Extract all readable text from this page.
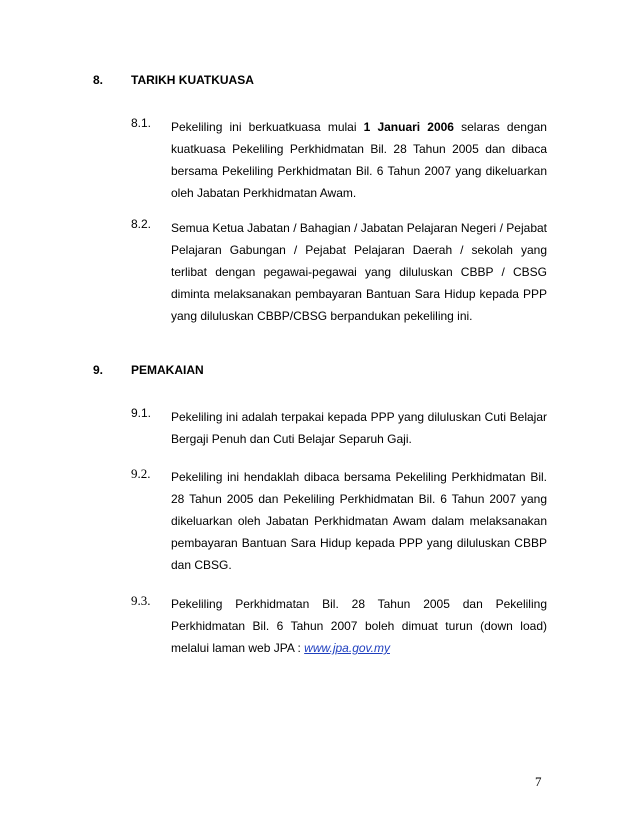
8. TARIKH KUATKUASA
8.1. Pekeliling ini berkuatkuasa mulai 1 Januari 2006 selaras dengan kuatkuasa Pekeliling Perkhidmatan Bil. 28 Tahun 2005 dan dibaca bersama Pekeliling Perkhidmatan Bil. 6 Tahun 2007 yang dikeluarkan oleh Jabatan Perkhidmatan Awam.
8.2. Semua Ketua Jabatan / Bahagian / Jabatan Pelajaran Negeri / Pejabat Pelajaran Gabungan / Pejabat Pelajaran Daerah / sekolah yang terlibat dengan pegawai-pegawai yang diluluskan CBBP / CBSG diminta melaksanakan pembayaran Bantuan Sara Hidup kepada PPP yang diluluskan CBBP/CBSG berpandukan pekeliling ini.
9. PEMAKAIAN
9.1. Pekeliling ini adalah terpakai kepada PPP yang diluluskan Cuti Belajar Bergaji Penuh dan Cuti Belajar Separuh Gaji.
9.2. Pekeliling ini hendaklah dibaca bersama Pekeliling Perkhidmatan Bil. 28 Tahun 2005 dan Pekeliling Perkhidmatan Bil. 6 Tahun 2007 yang dikeluarkan oleh Jabatan Perkhidmatan Awam dalam melaksanakan pembayaran Bantuan Sara Hidup kepada PPP yang diluluskan CBBP dan CBSG.
9.3. Pekeliling Perkhidmatan Bil. 28 Tahun 2005 dan Pekeliling Perkhidmatan Bil. 6 Tahun 2007 boleh dimuat turun (down load) melalui laman web JPA : www.jpa.gov.my
7
